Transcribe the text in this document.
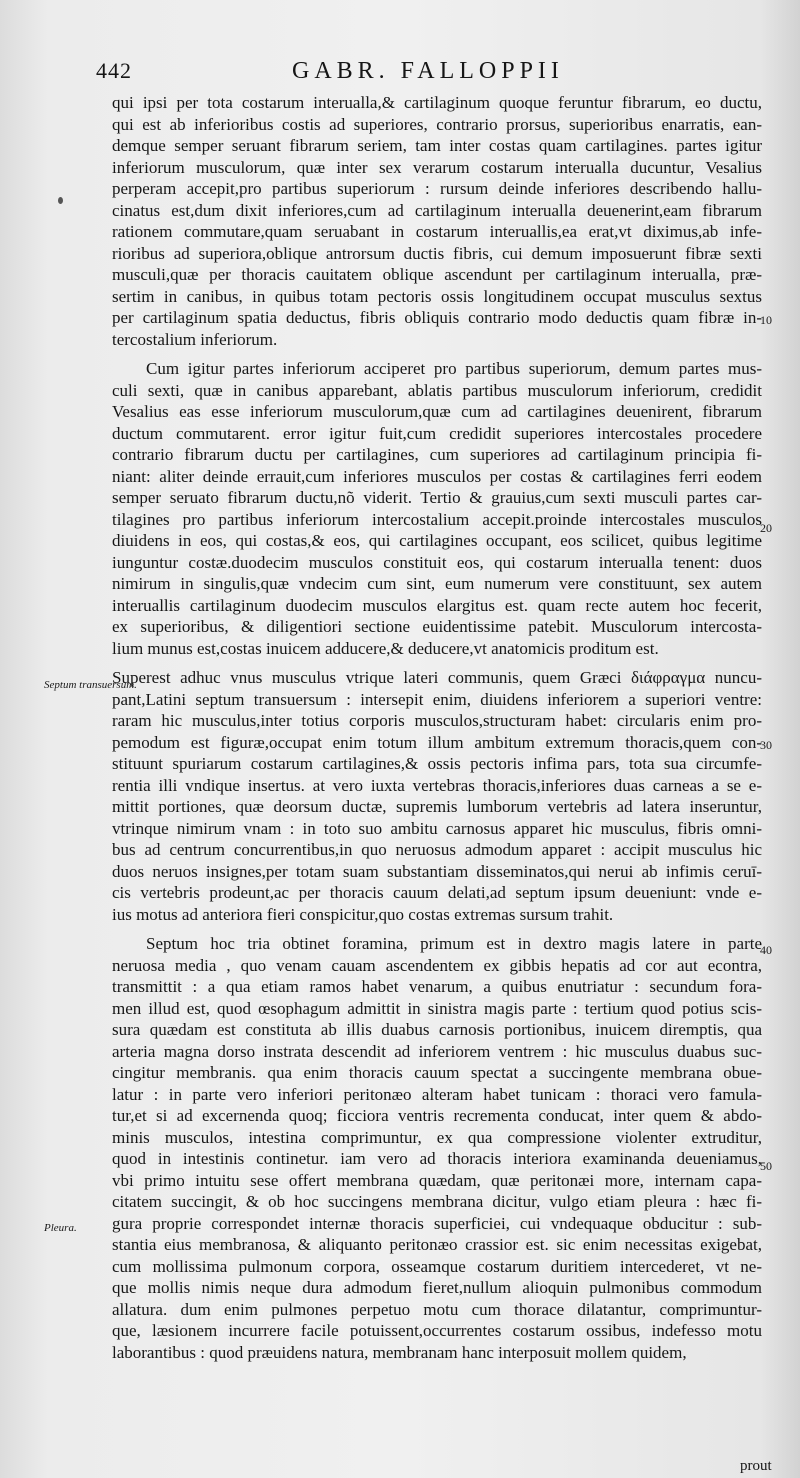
442	GABR. FALLOPPII
qui ipsi per tota costarum interualla,& cartilaginum quoque feruntur fibrarum, eo ductu,
qui est ab inferioribus costis ad superiores, contrario prorsus, superioribus enarratis, ean-
demque semper seruant fibrarum seriem, tam inter costas quam cartilagines. partes igitur
inferiorum musculorum, quæ inter sex verarum costarum interualla ducuntur, Vesalius
perperam accepit,pro partibus superiorum : rursum deinde inferiores describendo hallu-
cinatus est,dum dixit inferiores,cum ad cartilaginum interualla deuenerint,eam fibrarum
rationem commutare,quam seruabant in costarum interuallis,ea erat,vt diximus,ab infe-
rioribus ad superiora,oblique antrorsum ductis fibris, cui demum imposuerunt fibræ sexti
musculi,quæ per thoracis cauitatem oblique ascendunt per cartilaginum interualla, præ-
sertim in canibus, in quibus totam pectoris ossis longitudinem occupat musculus sextus
per cartilaginum spatia deductus, fibris obliquis contrario modo deductis quam fibræ in-
tercostalium inferiorum.
Cum igitur partes inferiorum acciperet pro partibus superiorum, demum partes mus-
culi sexti, quæ in canibus apparebant, ablatis partibus musculorum inferiorum, credidit
Vesalius eas esse inferiorum musculorum,quæ cum ad cartilagines deuenirent, fibrarum
ductum commutarent. error igitur fuit,cum credidit superiores intercostales procedere
contrario fibrarum ductu per cartilagines, cum superiores ad cartilaginum principia fi-
niant: aliter deinde errauit,cum inferiores musculos per costas & cartilagines ferri eodem
semper seruato fibrarum ductu,nõ viderit. Tertio & grauius,cum sexti musculi partes car-
tilagines pro partibus inferiorum intercostalium accepit.proinde intercostales musculos
diuidens in eos, qui costas,& eos, qui cartilagines occupant, eos scilicet, quibus legitime
iunguntur costæ.duodecim musculos constituit eos, qui costarum interualla tenent: duos
nimirum in singulis,quæ vndecim cum sint, eum numerum vere constituunt, sex autem
interuallis cartilaginum duodecim musculos elargitus est. quam recte autem hoc fecerit,
ex superioribus, & diligentiori sectione euidentissime patebit. Musculorum intercosta-
lium munus est,costas inuicem adducere,& deducere,vt anatomicis proditum est.
Superest adhuc vnus musculus vtrique lateri communis, quem Græci διάφραγμα nuncu-
pant,Latini septum transuersum : intersepit enim, diuidens inferiorem a superiori ventre:
raram hic musculus,inter totius corporis musculos,structuram habet: circularis enim pro-
pemodum est figuræ,occupat enim totum illum ambitum extremum thoracis,quem con-
stituunt spuriarum costarum cartilagines,& ossis pectoris infima pars, tota sua circumfe-
rentia illi vndique insertus. at vero iuxta vertebras thoracis,inferiores duas carneas a se e-
mittit portiones, quæ deorsum ductæ, supremis lumborum vertebris ad latera inseruntur,
vtrinque nimirum vnam : in toto suo ambitu carnosus apparet hic musculus, fibris omni-
bus ad centrum concurrentibus,in quo neruosus admodum apparet : accipit musculus hic
duos neruos insignes,per totam suam substantiam disseminatos,qui nerui ab infimis ceruī-
cis vertebris prodeunt,ac per thoracis cauum delati,ad septum ipsum deueniunt: vnde e-
ius motus ad anteriora fieri conspicitur,quo costas extremas sursum trahit.
Septum hoc tria obtinet foramina, primum est in dextro magis latere in parte
neruosa media , quo venam cauam ascendentem ex gibbis hepatis ad cor aut econtra,
transmittit : a qua etiam ramos habet venarum, a quibus enutriatur : secundum fora-
men illud est, quod œsophagum admittit in sinistra magis parte : tertium quod potius scis-
sura quædam est constituta ab illis duabus carnosis portionibus, inuicem diremptis, qua
arteria magna dorso instrata descendit ad inferiorem ventrem : hic musculus duabus suc-
cingitur membranis. qua enim thoracis cauum spectat a succingente membrana obue-
latur : in parte vero inferiori peritonæo alteram habet tunicam : thoraci vero famula-
tur,et si ad excernenda quoq; ficciora ventris recrementa conducat, inter quem & abdo-
minis musculos, intestina comprimuntur, ex qua compressione violenter extruditur,
quod in intestinis continetur. iam vero ad thoracis interiora examinanda deueniamus,
vbi primo intuitu sese offert membrana quædam, quæ peritonæi more, internam capa-
citatem succingit, & ob hoc succingens membrana dicitur, vulgo etiam pleura : hæc fi-
gura proprie correspondet internæ thoracis superficiei, cui vndequaque obducitur : sub-
stantia eius membranosa, & aliquanto peritonæo crassior est. sic enim necessitas exigebat,
cum mollissima pulmonum corpora, osseamque costarum duritiem intercederet, vt ne-
que mollis nimis neque dura admodum fieret,nullum alioquin pulmonibus commodum
allatura. dum enim pulmones perpetuo motu cum thorace dilatantur, comprimuntur-
que, læsionem incurrere facile potuissent,occurrentes costarum ossibus, indefesso motu
laborantibus : quod præuidens natura, membranam hanc interposuit mollem quidem,
Septum transuersum.
Pleura.
10
20
30
40
50
prout
